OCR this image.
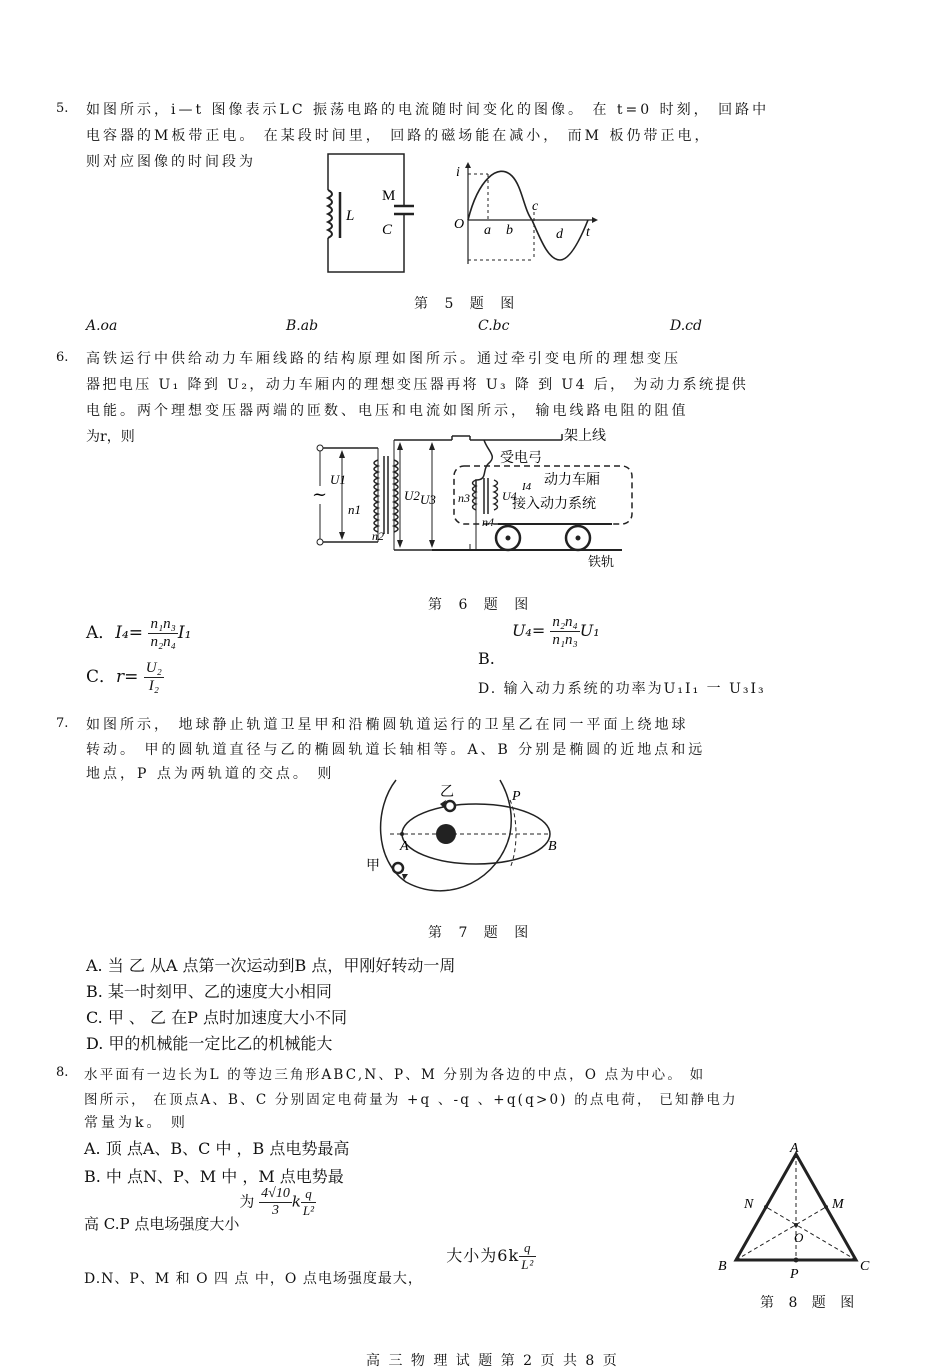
5. 如图所示，i—t 图像表示LC 振荡电路的电流随时间变化的图像。 在 t=0 时刻， 回路中
电容器的M板带正电。 在某段时间里， 回路的磁场能在减小， 而M 板仍带正电，
则对应图像的时间段为
L
M
C
i
O a b
c
d t
第 5 题 图
A.oa	B.ab	C.bc	D.cd
6. 高铁运行中供给动力车厢线路的结构原理如图所示。通过牵引变电所的理想变压
器把电压 U₁ 降到 U₂，动力车厢内的理想变压器再将 U₃ 降 到 U4 后， 为动力系统提供
电能。两个理想变压器两端的匝数、电压和电流如图所示， 输电线路电阻的阻值
为r，则
~
U1
n1
n2
U2
架上线
U3
受电弓
铁轨
动力车厢
接入动力系统
n3	U4
I4
n4
第 6 题 图
A．$I_4= \frac{\text{n₁n₃}}{\text{n₂n₄}} I_1$
B. $U_4= \frac{\text{n₂n₄}}{\text{n₁n₃}} U_1$
C．$r= \frac{\text{U₂}}{\text{I₂}}$	D. 输入动力系统的功率为U₁I₁ 一 U₃I₃
7. 如图所示， 地球静止轨道卫星甲和沿椭圆轨道运行的卫星乙在同一平面上绕地球
转动。 甲的圆轨道直径与乙的椭圆轨道长轴相等。A、B 分别是椭圆的近地点和远
地点，P 点为两轨道的交点。 则
乙	P
A	B
甲
第 7 题 图
A. 当 乙 从A 点第一次运动到B 点，甲刚好转动一周
B. 某一时刻甲、乙的速度大小相同
C. 甲 、 乙 在P 点时加速度大小不同
D. 甲的机械能一定比乙的机械能大
8. 水平面有一边长为L 的等边三角形ABC,N、P、M 分别为各边的中点，O 点为中心。 如
图所示， 在顶点A、B、C 分别固定电荷量为 +q 、-q 、+q(q>0) 的点电荷， 已知静电力
常量为k。 则
A. 顶 点A、B、C 中 ，B 点电势最高
B. 中 点N、P、M 中 ，M 点电势最
高 C.P 点电场强度大小为 $\frac{4√10}{3}$ k $\frac{q}{\text{L²}}$
D.N、P、M 和 O 四 点 中，O 点电场强度最大， 大小为$6k \frac{q}{\text{L²}}$
A
B	C
N	M
P
O
第 8 题 图
高 三 物 理 试 题 第 2 页 共 8 页
